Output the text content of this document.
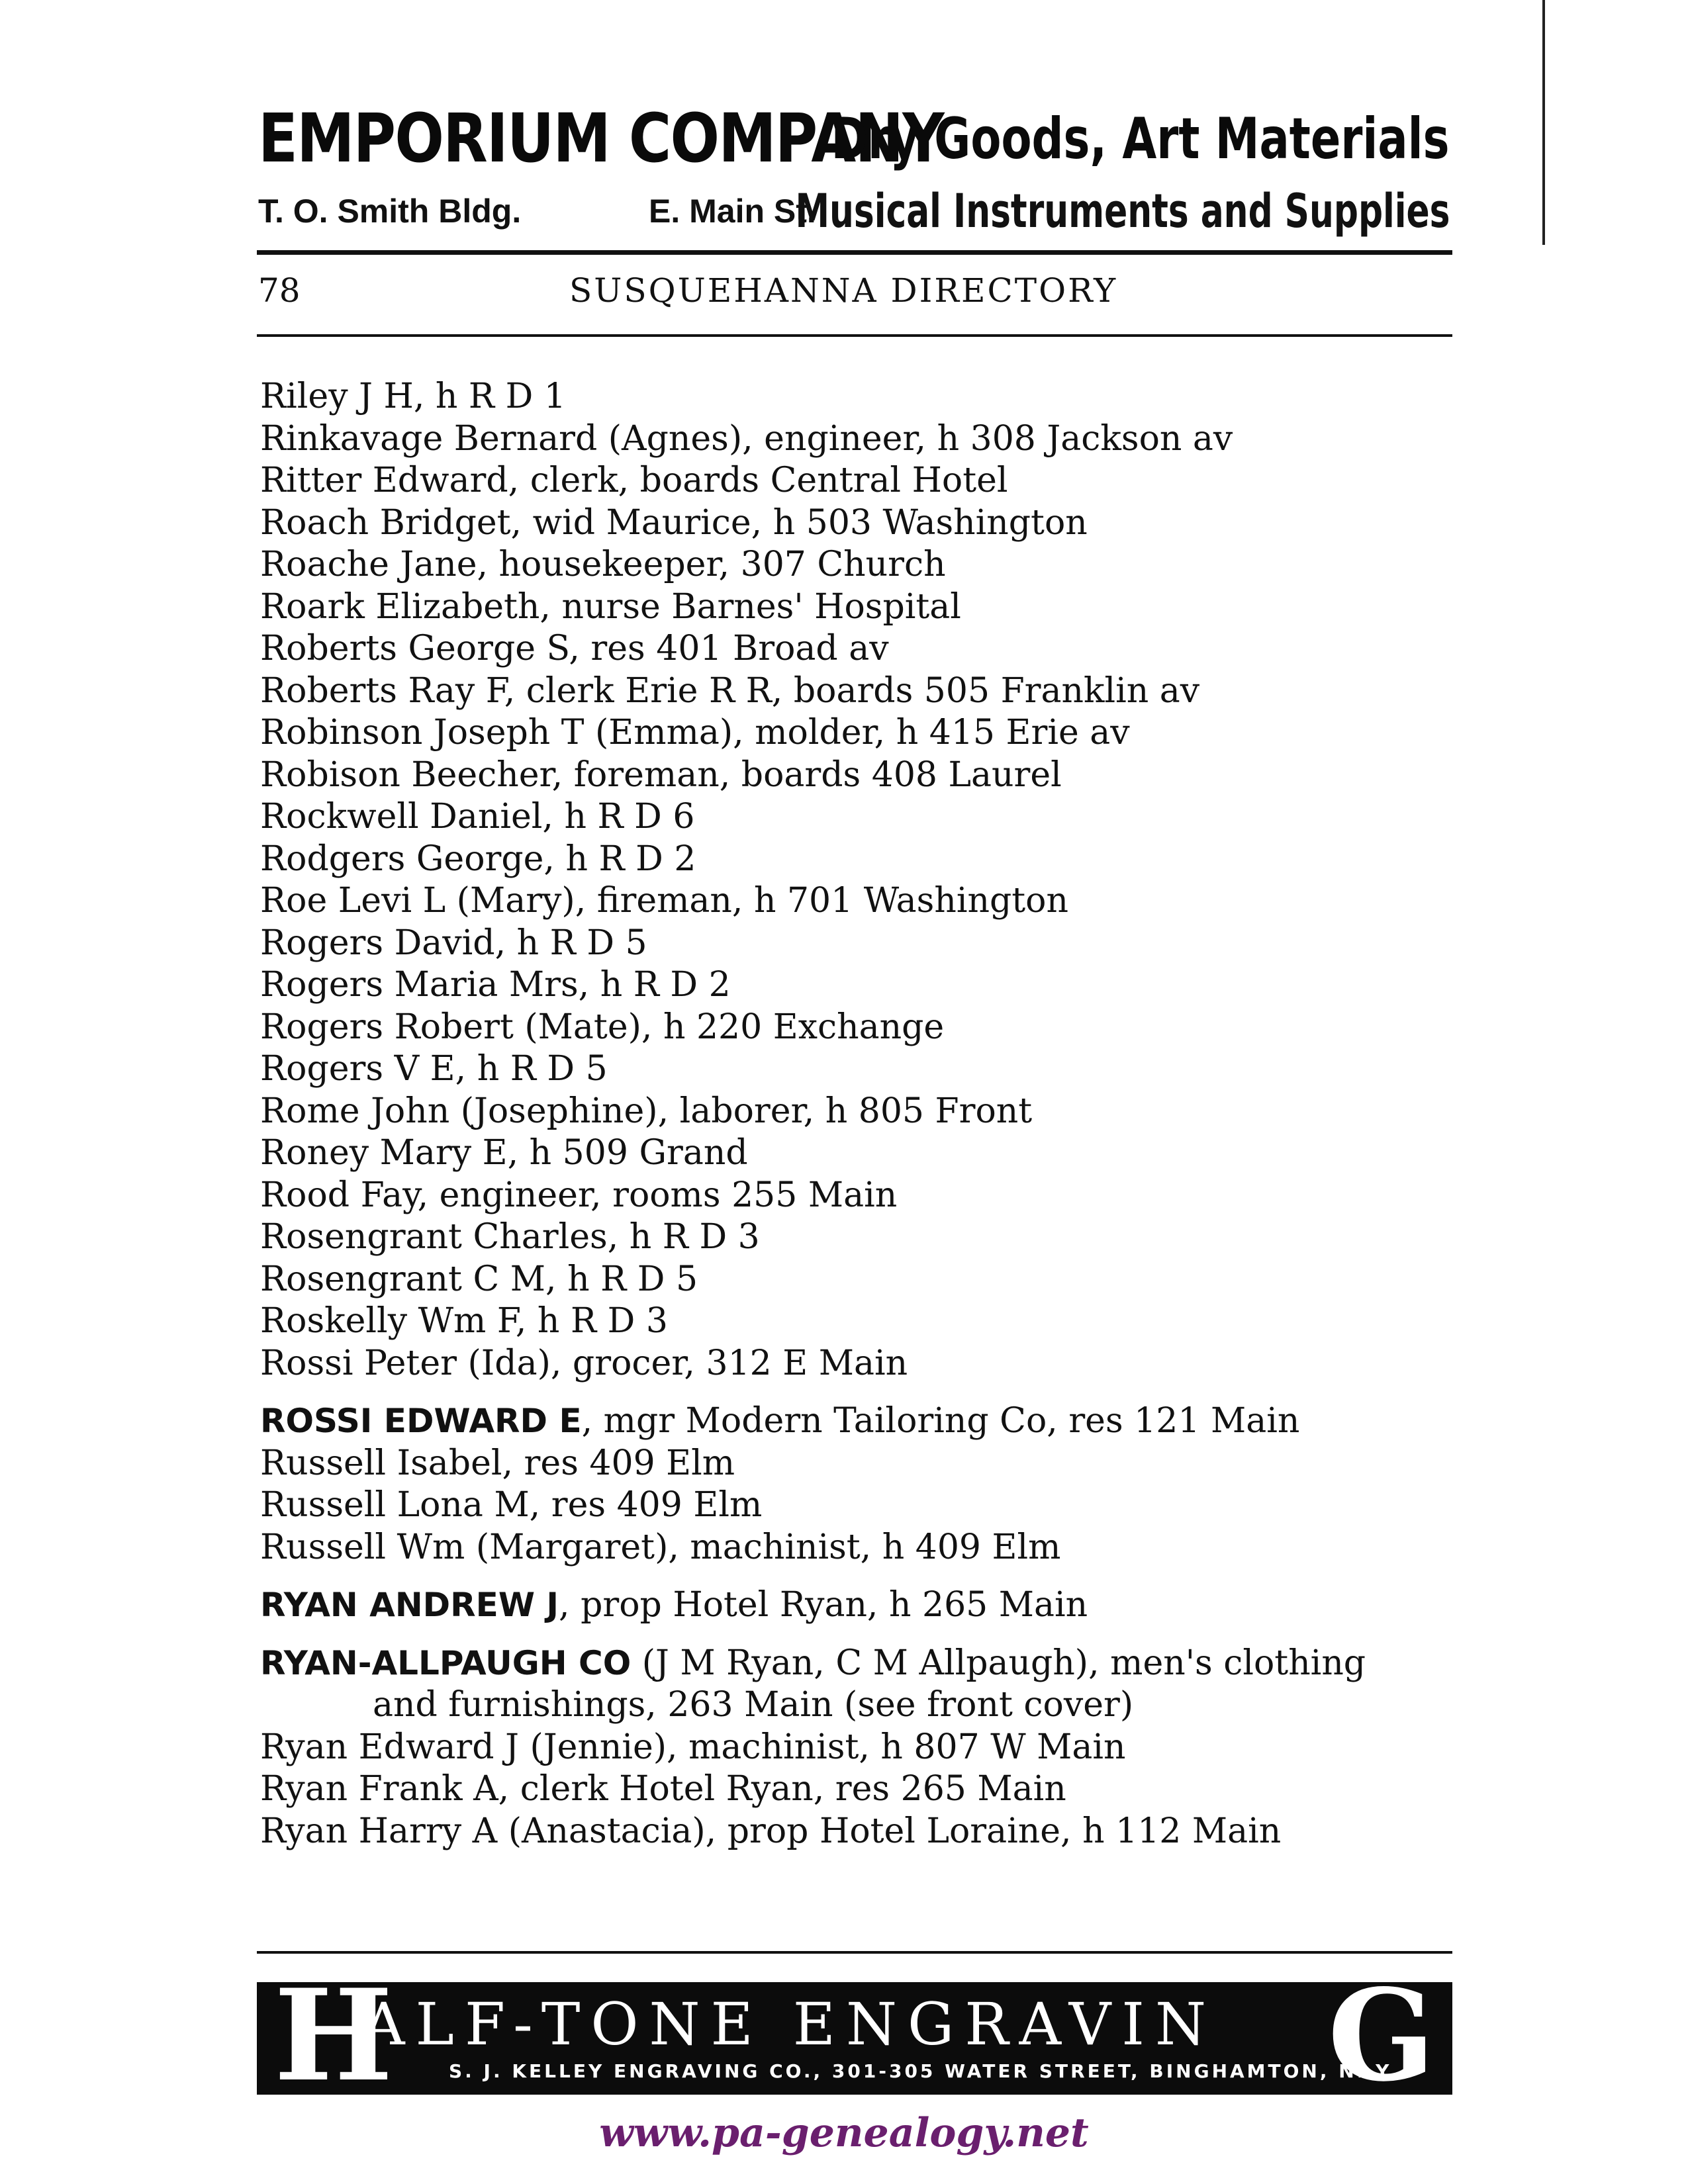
EMPORIUM COMPANY
Dry Goods, Art Materials
T. O. Smith Bldg.	E. Main St.
Musical Instruments and Supplies
78	SUSQUEHANNA DIRECTORY
Riley J H, h R D 1
Rinkavage Bernard (Agnes), engineer, h 308 Jackson av
Ritter Edward, clerk, boards Central Hotel
Roach Bridget, wid Maurice, h 503 Washington
Roache Jane, housekeeper, 307 Church
Roark Elizabeth, nurse Barnes' Hospital
Roberts George S, res 401 Broad av
Roberts Ray F, clerk Erie R R, boards 505 Franklin av
Robinson Joseph T (Emma), molder, h 415 Erie av
Robison Beecher, foreman, boards 408 Laurel
Rockwell Daniel, h R D 6
Rodgers George, h R D 2
Roe Levi L (Mary), fireman, h 701 Washington
Rogers David, h R D 5
Rogers Maria Mrs, h R D 2
Rogers Robert (Mate), h 220 Exchange
Rogers V E, h R D 5
Rome John (Josephine), laborer, h 805 Front
Roney Mary E, h 509 Grand
Rood Fay, engineer, rooms 255 Main
Rosengrant Charles, h R D 3
Rosengrant C M, h R D 5
Roskelly Wm F, h R D 3
Rossi Peter (Ida), grocer, 312 E Main
ROSSI EDWARD E, mgr Modern Tailoring Co, res 121 Main
Russell Isabel, res 409 Elm
Russell Lona M, res 409 Elm
Russell Wm (Margaret), machinist, h 409 Elm
RYAN ANDREW J, prop Hotel Ryan, h 265 Main
RYAN-ALLPAUGH CO (J M Ryan, C M Allpaugh), men's clothing
and furnishings, 263 Main (see front cover)
Ryan Edward J (Jennie), machinist, h 807 W Main
Ryan Frank A, clerk Hotel Ryan, res 265 Main
Ryan Harry A (Anastacia), prop Hotel Loraine, h 112 Main
H
ALF-TONE ENGRAVIN G
S. J. KELLEY ENGRAVING CO., 301-305 WATER STREET, BINGHAMTON, N. Y.
www.pa-genealogy.net
